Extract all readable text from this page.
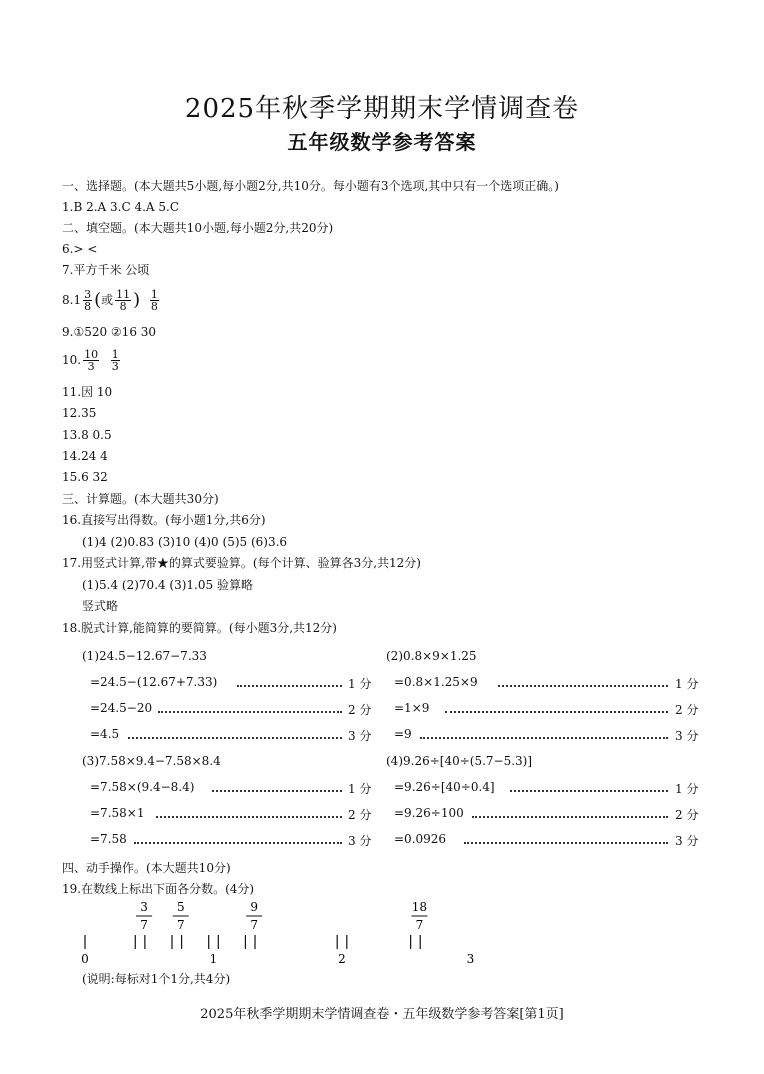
2025年秋季学期期末学情调查卷
五年级数学参考答案
一、选择题。(本大题共5小题,每小题2分,共10分。每小题有3个选项,其中只有一个选项正确。)
1.B 2.A 3.C 4.A 5.C
二、填空题。(本大题共10小题,每小题2分,共20分)
6.> <
7.平方千米 公顷
$8.1 \frac{3}{8}$ (或 $\frac{11}{8}$ ) $\frac{1}{8}$
9.①520 ②16 30
10. $\frac{10}{3}$
$\frac{1}{3}$
11.因 10
12.35
13.8 0.5
14.24 4
15.6 32
三、计算题。(本大题共30分)
16.直接写出得数。(每小题1分,共6分)
(1)4 (2)0.83 (3)10 (4)0 (5)5 (6)3.6
17.用竖式计算,带★的算式要验算。(每个计算、验算各3分,共12分)
(1)5.4 (2)70.4 (3)1.05 验算略
竖式略
18.脱式计算,能简算的要简算。(每小题3分,共12分)
(1)24.5−12.67−7.33
=24.5−(12.67+7.33)	1 分
=24.5−20	2 分
=4.5	3 分
(2)0.8×9×1.25
=0.8×1.25×9	1 分
=1×9	2 分
=9	3 分
(3)7.58×9.4−7.58×8.4
=7.58×(9.4−8.4)	1 分
=7.58×1	2 分
=7.58	3 分
(4)9.26÷[40÷(5.7−5.3)]
=9.26÷[40÷0.4]	1 分
=9.26÷100	2 分
=0.0926	3 分
四、动手操作。(本大题共10分)
19.在数线上标出下面各分数。(4分)
3
7
5
7
9
7
18
7
0	1	2	3
(说明:每标对1个1分,共4分)
2025年秋季学期期末学情调查卷・五年级数学参考答案[第1页]
